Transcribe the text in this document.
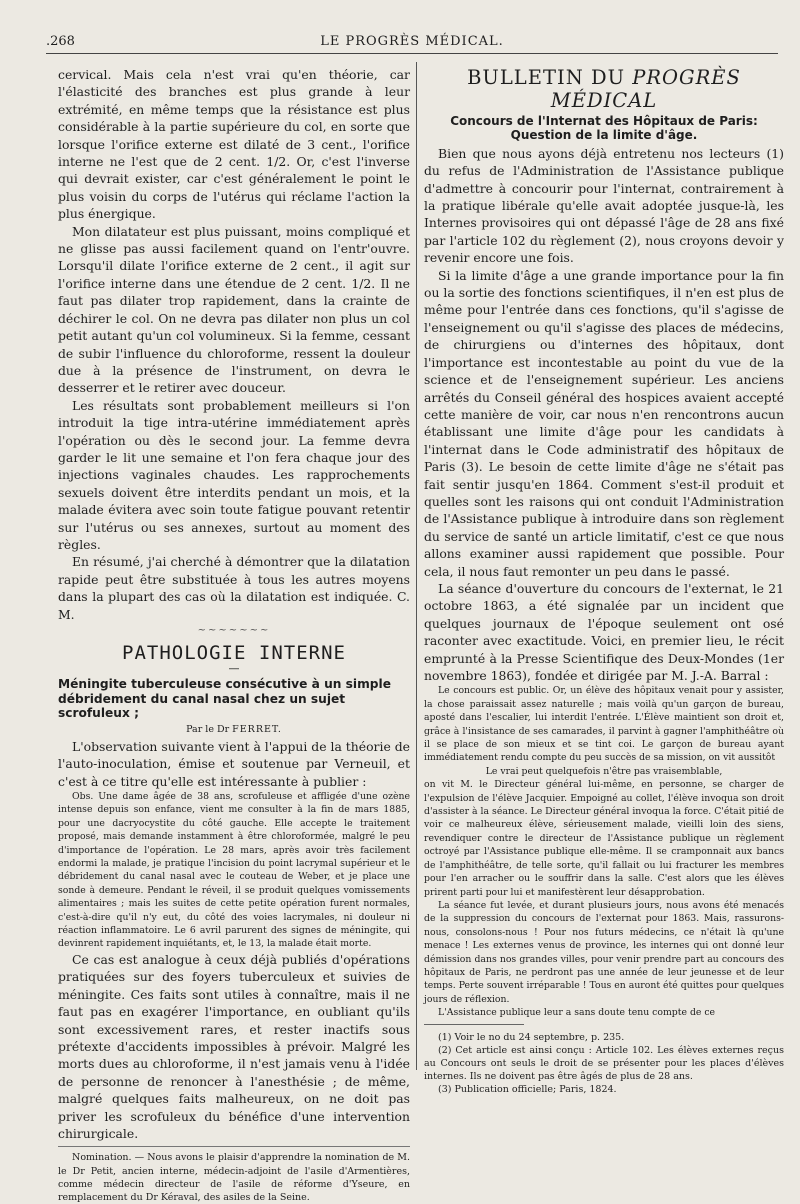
.268	LE PROGRÈS MÉDICAL.

cervical. Mais cela n'est vrai qu'en théorie, car l'élasticité des branches est plus grande à leur extrémité, en même temps que la résistance est plus considérable à la partie supérieure du col, en sorte que lorsque l'orifice externe est dilaté de 3 cent., l'orifice interne ne l'est que de 2 cent. 1/2. Or, c'est l'inverse qui devrait exister, car c'est généralement le point le plus voisin du corps de l'utérus qui réclame l'action la plus énergique.

Mon dilatateur est plus puissant, moins compliqué et ne glisse pas aussi facilement quand on l'entr'ouvre. Lorsqu'il dilate l'orifice externe de 2 cent., il agit sur l'orifice interne dans une étendue de 2 cent. 1/2. Il ne faut pas dilater trop rapidement, dans la crainte de déchirer le col. On ne devra pas dilater non plus un col petit autant qu'un col volumineux. Si la femme, cessant de subir l'influence du chloroforme, ressent la douleur due à la présence de l'instrument, on devra le desserrer et le retirer avec douceur.

Les résultats sont probablement meilleurs si l'on introduit la tige intra-utérine immédiatement après l'opération ou dès le second jour. La femme devra garder le lit une semaine et l'on fera chaque jour des injections vaginales chaudes. Les rapprochements sexuels doivent être interdits pendant un mois, et la malade évitera avec soin toute fatigue pouvant retentir sur l'utérus ou ses annexes, surtout au moment des règles.

En résumé, j'ai cherché à démontrer que la dilatation rapide peut être substituée à tous les autres moyens dans la plupart des cas où la dilatation est indiquée. C. M.

~~~~~~~
PATHOLOGIE INTERNE
—
Méningite tuberculeuse consécutive à un simple débridement du canal nasal chez un sujet scrofuleux ;
Par le Dr FERRET.

L'observation suivante vient à l'appui de la théorie de l'auto-inoculation, émise et soutenue par Verneuil, et c'est à ce titre qu'elle est intéressante à publier :

Obs. Une dame âgée de 38 ans, scrofuleuse et affligée d'une ozène intense depuis son enfance, vient me consulter à la fin de mars 1885, pour une dacryocystite du côté gauche. Elle accepte le traitement proposé, mais demande instamment à être chloroformée, malgré le peu d'importance de l'opération. Le 28 mars, après avoir très facilement endormi la malade, je pratique l'incision du point lacrymal supérieur et le débridement du canal nasal avec le couteau de Weber, et je place une sonde à demeure. Pendant le réveil, il se produit quelques vomissements alimentaires ; mais les suites de cette petite opération furent normales, c'est-à-dire qu'il n'y eut, du côté des voies lacrymales, ni douleur ni réaction inflammatoire. Le 6 avril parurent des signes de méningite, qui devinrent rapidement inquiétants, et, le 13, la malade était morte.

Ce cas est analogue à ceux déjà publiés d'opérations pratiquées sur des foyers tuberculeux et suivies de méningite. Ces faits sont utiles à connaître, mais il ne faut pas en exagérer l'importance, en oubliant qu'ils sont excessivement rares, et rester inactifs sous prétexte d'accidents impossibles à prévoir. Malgré les morts dues au chloroforme, il n'est jamais venu à l'idée de personne de renoncer à l'anesthésie ; de même, malgré quelques faits malheureux, on ne doit pas priver les scrofuleux du bénéfice d'une intervention chirurgicale.

Nomination. — Nous avons le plaisir d'apprendre la nomination de M. le Dr Petit, ancien interne, médecin-adjoint de l'asile d'Armentières, comme médecin directeur de l'asile de réforme d'Yseure, en remplacement du Dr Kéraval, des asiles de la Seine.

BULLETIN DU PROGRÈS MÉDICAL
Concours de l'Internat des Hôpitaux de Paris: Question de la limite d'âge.

Bien que nous ayons déjà entretenu nos lecteurs (1) du refus de l'Administration de l'Assistance publique d'admettre à concourir pour l'internat, contrairement à la pratique libérale qu'elle avait adoptée jusque-là, les Internes provisoires qui ont dépassé l'âge de 28 ans fixé par l'article 102 du règlement (2), nous croyons devoir y revenir encore une fois.

Si la limite d'âge a une grande importance pour la fin ou la sortie des fonctions scientifiques, il n'en est plus de même pour l'entrée dans ces fonctions, qu'il s'agisse de l'enseignement ou qu'il s'agisse des places de médecins, de chirurgiens ou d'internes des hôpitaux, dont l'importance est incontestable au point du vue de la science et de l'enseignement supérieur. Les anciens arrêtés du Conseil général des hospices avaient accepté cette manière de voir, car nous n'en rencontrons aucun établissant une limite d'âge pour les candidats à l'internat dans le Code administratif des hôpitaux de Paris (3). Le besoin de cette limite d'âge ne s'était pas fait sentir jusqu'en 1864. Comment s'est-il produit et quelles sont les raisons qui ont conduit l'Administration de l'Assistance publique à introduire dans son règlement du service de santé un article limitatif, c'est ce que nous allons examiner aussi rapidement que possible. Pour cela, il nous faut remonter un peu dans le passé.

La séance d'ouverture du concours de l'externat, le 21 octobre 1863, a été signalée par un incident que quelques journaux de l'époque seulement ont osé raconter avec exactitude. Voici, en premier lieu, le récit emprunté à la Presse Scientifique des Deux-Mondes (1er novembre 1863), fondée et dirigée par M. J.-A. Barral :

Le concours est public. Or, un élève des hôpitaux venait pour y assister, la chose paraissait assez naturelle ; mais voilà qu'un garçon de bureau, aposté dans l'escalier, lui interdit l'entrée. L'Élève maintient son droit et, grâce à l'insistance de ses camarades, il parvint à gagner l'amphithéâtre où il se place de son mieux et se tint coi. Le garçon de bureau ayant immédiatement rendu compte du peu succès de sa mission, on vit aussitôt

Le vrai peut quelquefois n'être pas vraisemblable,

on vit M. le Directeur général lui-même, en personne, se charger de l'expulsion de l'élève Jacquier. Empoigné au collet, l'élève invoqua son droit d'assister à la séance. Le Directeur général invoqua la force. C'était pitié de voir ce malheureux élève, sérieusement malade, vieilli loin des siens, revendiquer contre le directeur de l'Assistance publique un règlement octroyé par l'Assistance publique elle-même. Il se cramponnait aux bancs de l'amphithéâtre, de telle sorte, qu'il fallait ou lui fracturer les membres pour l'en arracher ou le souffrir dans la salle. C'est alors que les élèves prirent parti pour lui et manifestèrent leur désapprobation.

La séance fut levée, et durant plusieurs jours, nous avons été menacés de la suppression du concours de l'externat pour 1863. Mais, rassurons-nous, consolons-nous ! Pour nos futurs médecins, ce n'était là qu'une menace ! Les externes venus de province, les internes qui ont donné leur démission dans nos grandes villes, pour venir prendre part au concours des hôpitaux de Paris, ne perdront pas une année de leur jeunesse et de leur temps. Perte souvent irréparable ! Tous en auront été quittes pour quelques jours de réflexion.

L'Assistance publique leur a sans doute tenu compte de ce

(1) Voir le no du 24 septembre, p. 235.

(2) Cet article est ainsi conçu : Article 102. Les élèves externes reçus au Concours ont seuls le droit de se présenter pour les places d'élèves internes. Ils ne doivent pas être âgés de plus de 28 ans.

(3) Publication officielle; Paris, 1824.
